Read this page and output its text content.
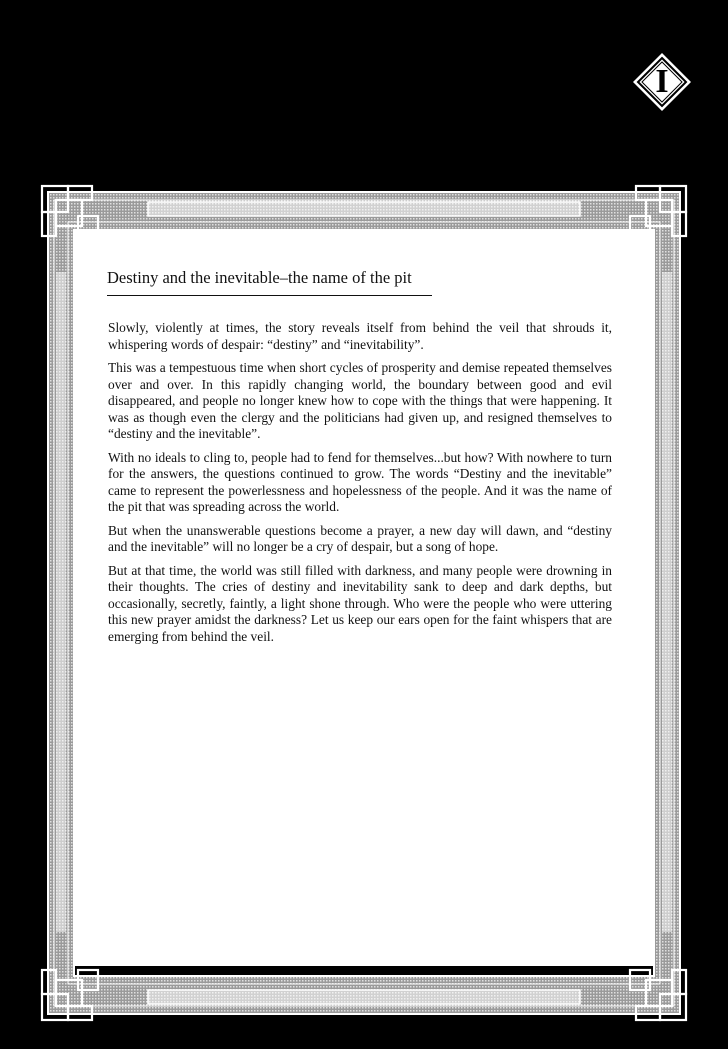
I
Destiny and the inevitable–the name of the pit

Slowly, violently at times, the story reveals itself from behind the veil that shrouds it, whispering words of despair: “destiny” and “inevitability”.

This was a tempestuous time when short cycles of prosperity and demise repeated themselves over and over. In this rapidly changing world, the boundary between good and evil disappeared, and people no longer knew how to cope with the things that were happening. It was as though even the clergy and the politicians had given up, and resigned themselves to “destiny and the inevitable”.

With no ideals to cling to, people had to fend for themselves...but how? With nowhere to turn for the answers, the questions continued to grow. The words “Destiny and the inevitable” came to represent the powerlessness and hopelessness of the people. And it was the name of the pit that was spreading across the world.

But when the unanswerable questions become a prayer, a new day will dawn, and “destiny and the inevitable” will no longer be a cry of despair, but a song of hope.

But at that time, the world was still filled with darkness, and many people were drowning in their thoughts. The cries of destiny and inevitability sank to deep and dark depths, but occasionally, secretly, faintly, a light shone through. Who were the people who were uttering this new prayer amidst the darkness? Let us keep our ears open for the faint whispers that are emerging from behind the veil.
